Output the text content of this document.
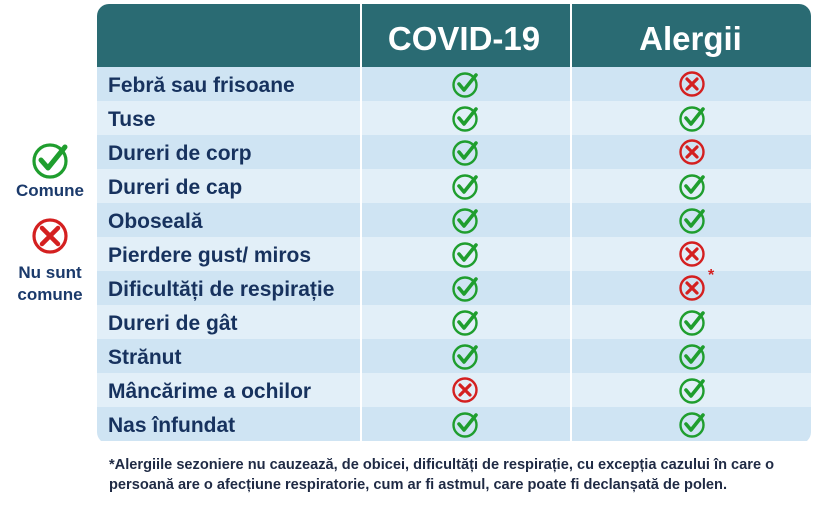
Comune
Nu sunt
comune
COVID-19	Alergii
Febră sau frisoane
Tuse
Dureri de corp
Dureri de cap
Oboseală
Pierdere gust/ miros
Dificultăți de respirație
*
Dureri de gât
Strănut
Mâncărime a ochilor
Nas înfundat
*Alergiile sezoniere nu cauzează, de obicei, dificultăți de respirație, cu excepția cazului în care o persoană are o afecțiune respiratorie, cum ar fi astmul, care poate fi declanșată de polen.
